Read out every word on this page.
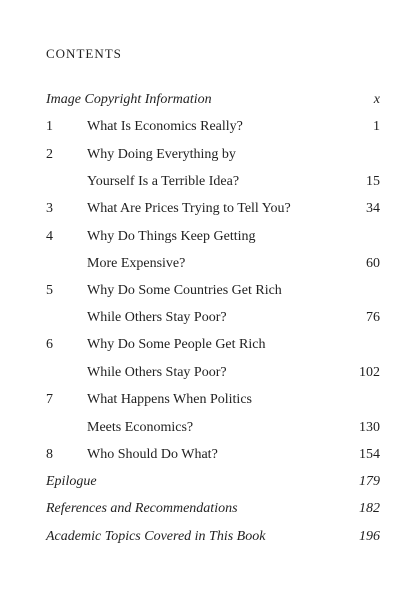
CONTENTS
Image Copyright Information	x
1 What Is Economics Really?	1
2 Why Doing Everything by
Yourself Is a Terrible Idea?	15
3 What Are Prices Trying to Tell You?	34
4 Why Do Things Keep Getting
More Expensive?	60
5 Why Do Some Countries Get Rich
While Others Stay Poor?	76
6 Why Do Some People Get Rich
While Others Stay Poor?	102
7 What Happens When Politics
Meets Economics?	130
8 Who Should Do What?	154
Epilogue	179
References and Recommendations	182
Academic Topics Covered in This Book	196
